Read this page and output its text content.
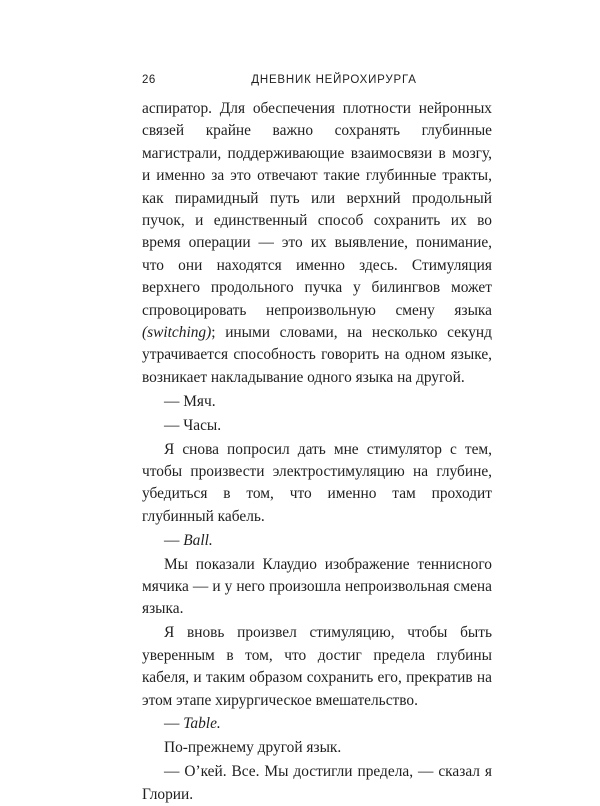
26	ДНЕВНИК НЕЙРОХИРУРГА

аспиратор. Для обеспечения плотности нейронных связей крайне важно сохранять глубинные магистрали, поддерживающие взаимосвязи в мозгу, и именно за это отвечают такие глубинные тракты, как пирамидный путь или верхний продольный пучок, и единственный способ сохранить их во время операции — это их выявление, понимание, что они находятся именно здесь. Стимуляция верхнего продольного пучка у билингвов может спровоцировать непроизвольную смену языка (switching); иными словами, на несколько секунд утрачивается способность говорить на одном языке, возникает накладывание одного языка на другой.

— Мяч.

— Часы.

Я снова попросил дать мне стимулятор с тем, чтобы произвести электростимуляцию на глубине, убедиться в том, что именно там проходит глубинный кабель.

— Ball.

Мы показали Клаудио изображение теннисного мячика — и у него произошла непроизвольная смена языка.

Я вновь произвел стимуляцию, чтобы быть уверенным в том, что достиг предела глубины кабеля, и таким образом сохранить его, прекратив на этом этапе хирургическое вмешательство.

— Table.

По-прежнему другой язык.

— О’кей. Все. Мы достигли предела, — сказал я Глории.
